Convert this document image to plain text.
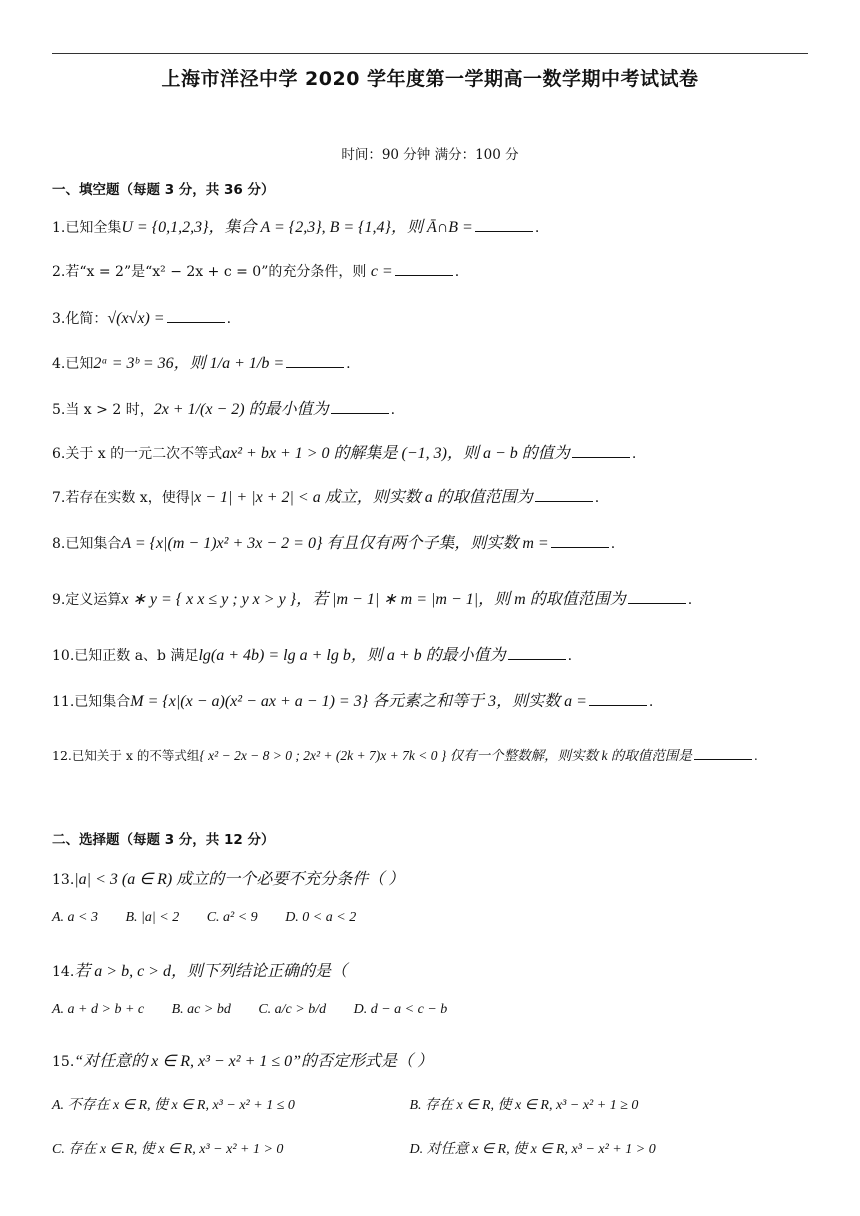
上海市洋泾中学 2020 学年度第一学期高一数学期中考试试卷
时间：90 分钟 满分：100 分
一、填空题（每题 3 分，共 36 分）
1.已知全集U = {0,1,2,3}，集合 A = {2,3}, B = {1,4}，则 Ā∩B =	.
2.若“x = 2”是“x² − 2x + c = 0”的充分条件，则 c =	.
3.化简：√(x√x) =	.
4.已知2ᵃ = 3ᵇ = 36，则 1/a + 1/b =	.
5.当 x > 2 时，2x + 1/(x − 2) 的最小值为	.
6.关于 x 的一元二次不等式ax² + bx + 1 > 0 的解集是 (−1, 3)，则 a − b 的值为	.
7.若存在实数 x，使得|x − 1| + |x + 2| < a 成立，则实数 a 的取值范围为	.
8.已知集合A = {x|(m − 1)x² + 3x − 2 = 0} 有且仅有两个子集，则实数 m =	.
9.定义运算x ∗ y = { x x ≤ y ; y x > y }，若 |m − 1| ∗ m = |m − 1|，则 m 的取值范围为	.
10.已知正数 a、b 满足lg(a + 4b) = lg a + lg b，则 a + b 的最小值为	.
11.已知集合M = {x|(x − a)(x² − ax + a − 1) = 3} 各元素之和等于 3，则实数 a =	.
12.已知关于 x 的不等式组{ x² − 2x − 8 > 0 ; 2x² + (2k + 7)x + 7k < 0 } 仅有一个整数解，则实数 k 的取值范围是	.
二、选择题（每题 3 分，共 12 分）
13.|a| < 3 (a ∈ R) 成立的一个必要不充分条件（ ）
A. a < 3 B. |a| < 2 C. a² < 9 D. 0 < a < 2
14.若 a > b, c > d，则下列结论正确的是（
A. a + d > b + c B. ac > bd C. a/c > b/d D. d − a < c − b
15.“对任意的 x ∈ R, x³ − x² + 1 ≤ 0”的否定形式是（ ）
A. 不存在 x ∈ R, 使 x ∈ R, x³ − x² + 1 ≤ 0	B. 存在 x ∈ R, 使 x ∈ R, x³ − x² + 1 ≥ 0
C. 存在 x ∈ R, 使 x ∈ R, x³ − x² + 1 > 0	D. 对任意 x ∈ R, 使 x ∈ R, x³ − x² + 1 > 0
